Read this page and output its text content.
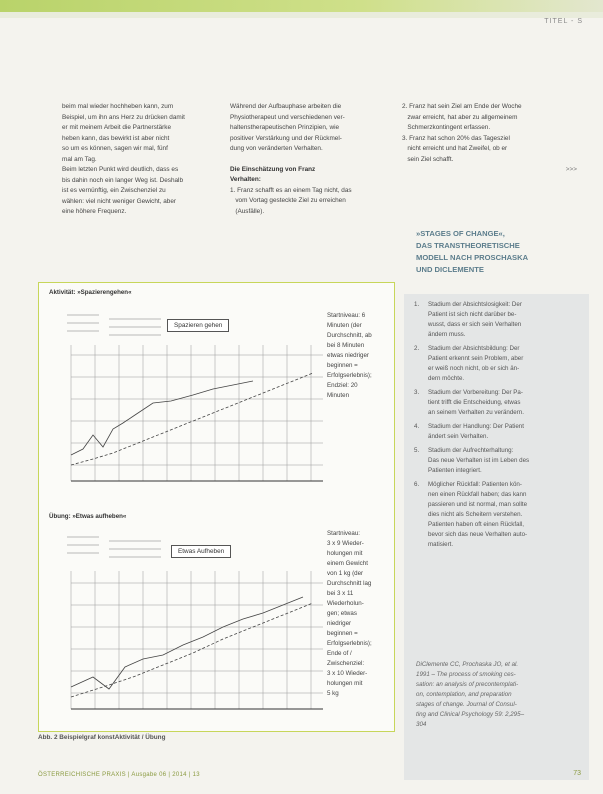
TITEL - S

beim mal wieder hochheben kann, zum

Beispiel, um ihn ans Herz zu drücken damit

er mit meinem Arbeit die Partnerstärke

heben kann, das bewirkt ist aber nicht

so um es können, sagen wir mal, fünf

mal am Tag.

Beim letzten Punkt wird deutlich, dass es

bis dahin noch ein langer Weg ist. Deshalb

ist es vernünftig, ein Zwischenziel zu

wählen: viel nicht weniger Gewicht, aber

eine höhere Frequenz.

Während der Aufbauphase arbeiten die

Physiotherapeut und verschiedenen ver-

haltenstherapeutischen Prinzipien, wie

positiver Verstärkung und der Rückmel-

dung von veränderten Verhalten.

Die Einschätzung von Franz

Verhalten:

1. Franz schafft es an einem Tag nicht, das

vom Vortag gesteckte Ziel zu erreichen

(Ausfälle).

2. Franz hat sein Ziel am Ende der Woche

zwar erreicht, hat aber zu allgemeinem

Schmerzkontingent erfassen.

3. Franz hat schon 20% das Tagesziel

nicht erreicht und hat Zweifel, ob er

sein Ziel schafft.

>>>

»STAGES OF CHANGE«,
DAS TRANSTHEORETISCHE
MODELL NACH PROSCHASKA
UND DICLEMENTE
1. Stadium der Absichtslosigkeit: Der
Patient ist sich nicht darüber be-
wusst, dass er sich sein Verhalten
ändern muss.
2. Stadium der Absichtsbildung: Der
Patient erkennt sein Problem, aber
er weiß noch nicht, ob er sich än-
dern möchte.
3. Stadium der Vorbereitung: Der Pa-
tient trifft die Entscheidung, etwas
an seinem Verhalten zu verändern.
4. Stadium der Handlung: Der Patient
ändert sein Verhalten.
5. Stadium der Aufrechterhaltung:
Das neue Verhalten ist im Leben des
Patienten integriert.
6. Möglicher Rückfall: Patienten kön-
nen einen Rückfall haben; das kann
passieren und ist normal, man sollte
dies nicht als Scheitern verstehen.
Patienten haben oft einen Rückfall,
bevor sich das neue Verhalten auto-
matisiert.
DiClemente CC, Prochaska JO, et al.
1991 – The process of smoking ces-
sation: an analysis of precontemplati-
on, contemplation, and preparation
stages of change. Journal of Consul-
ting and Clinical Psychology 59: 2,295–
304
Aktivität: »Spazierengehen«
Spazieren gehen
Startniveau: 6
Minuten (der
Durchschnitt, ab
bei 8 Minuten
etwas niedriger
beginnen =
Erfolgserlebnis);
Endziel: 20
Minuten
Übung: »Etwas aufheben«
Etwas Aufheben
Startniveau:
3 x 9 Wieder-
holungen mit
einem Gewicht
von 1 kg (der
Durchschnitt lag
bei 3 x 11
Wiederholun-
gen; etwas
niedriger
beginnen =
Erfolgserlebnis);
Ende of /
Zwischenziel:
3 x 10 Wieder-
holungen mit
5 kg
Abb. 2 Beispielgraf konstAktivität / Übung
ÖSTERREICHISCHE PRAXIS | Ausgabe 06 | 2014 | 13	73
